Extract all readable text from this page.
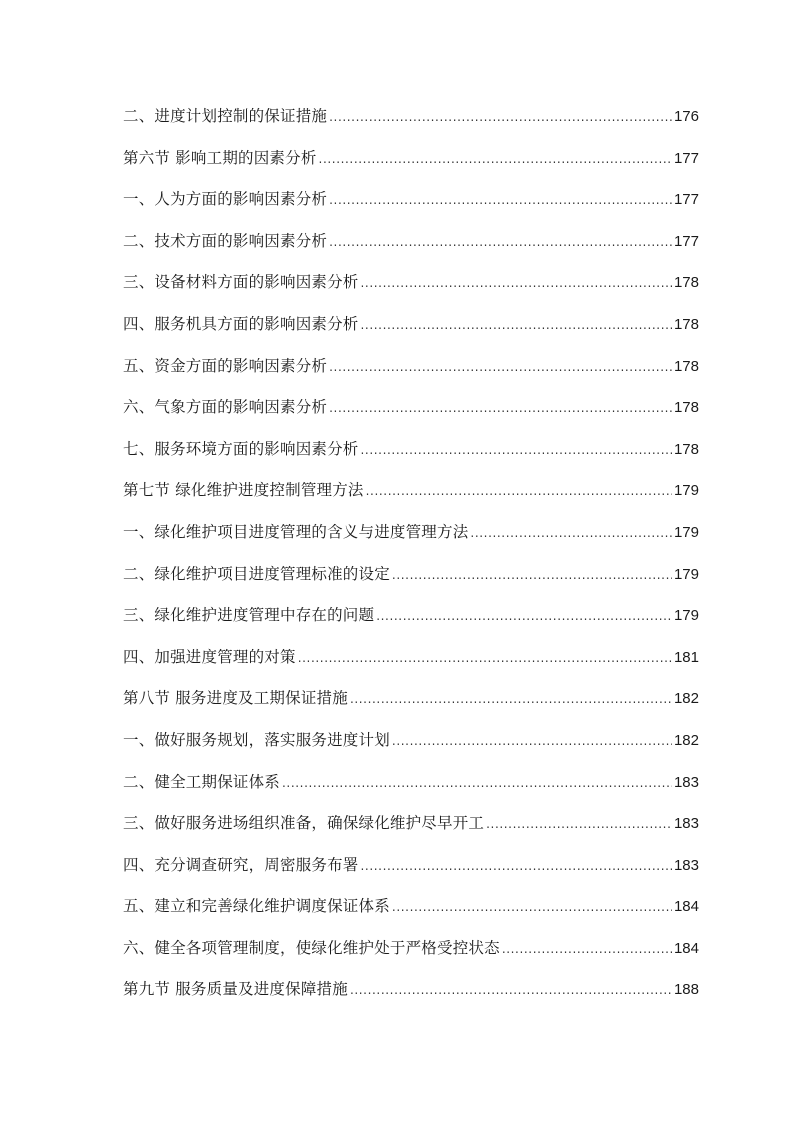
二、进度计划控制的保证措施 .....	176
第六节 影响工期的因素分析 .....	177
一、人为方面的影响因素分析 .....	177
二、技术方面的影响因素分析 .....	177
三、设备材料方面的影响因素分析 .....	178
四、服务机具方面的影响因素分析 .....	178
五、资金方面的影响因素分析 .....	178
六、气象方面的影响因素分析 .....	178
七、服务环境方面的影响因素分析 .....	178
第七节 绿化维护进度控制管理方法 .....	179
一、绿化维护项目进度管理的含义与进度管理方法 .....	179
二、绿化维护项目进度管理标准的设定 .....	179
三、绿化维护进度管理中存在的问题 .....	179
四、加强进度管理的对策 .....	181
第八节 服务进度及工期保证措施 .....	182
一、做好服务规划，落实服务进度计划 .....	182
二、健全工期保证体系 .....	183
三、做好服务进场组织准备，确保绿化维护尽早开工 .....	183
四、充分调查研究，周密服务布署 .....	183
五、建立和完善绿化维护调度保证体系 .....	184
六、健全各项管理制度，使绿化维护处于严格受控状态 .....	184
第九节 服务质量及进度保障措施 .....	188
